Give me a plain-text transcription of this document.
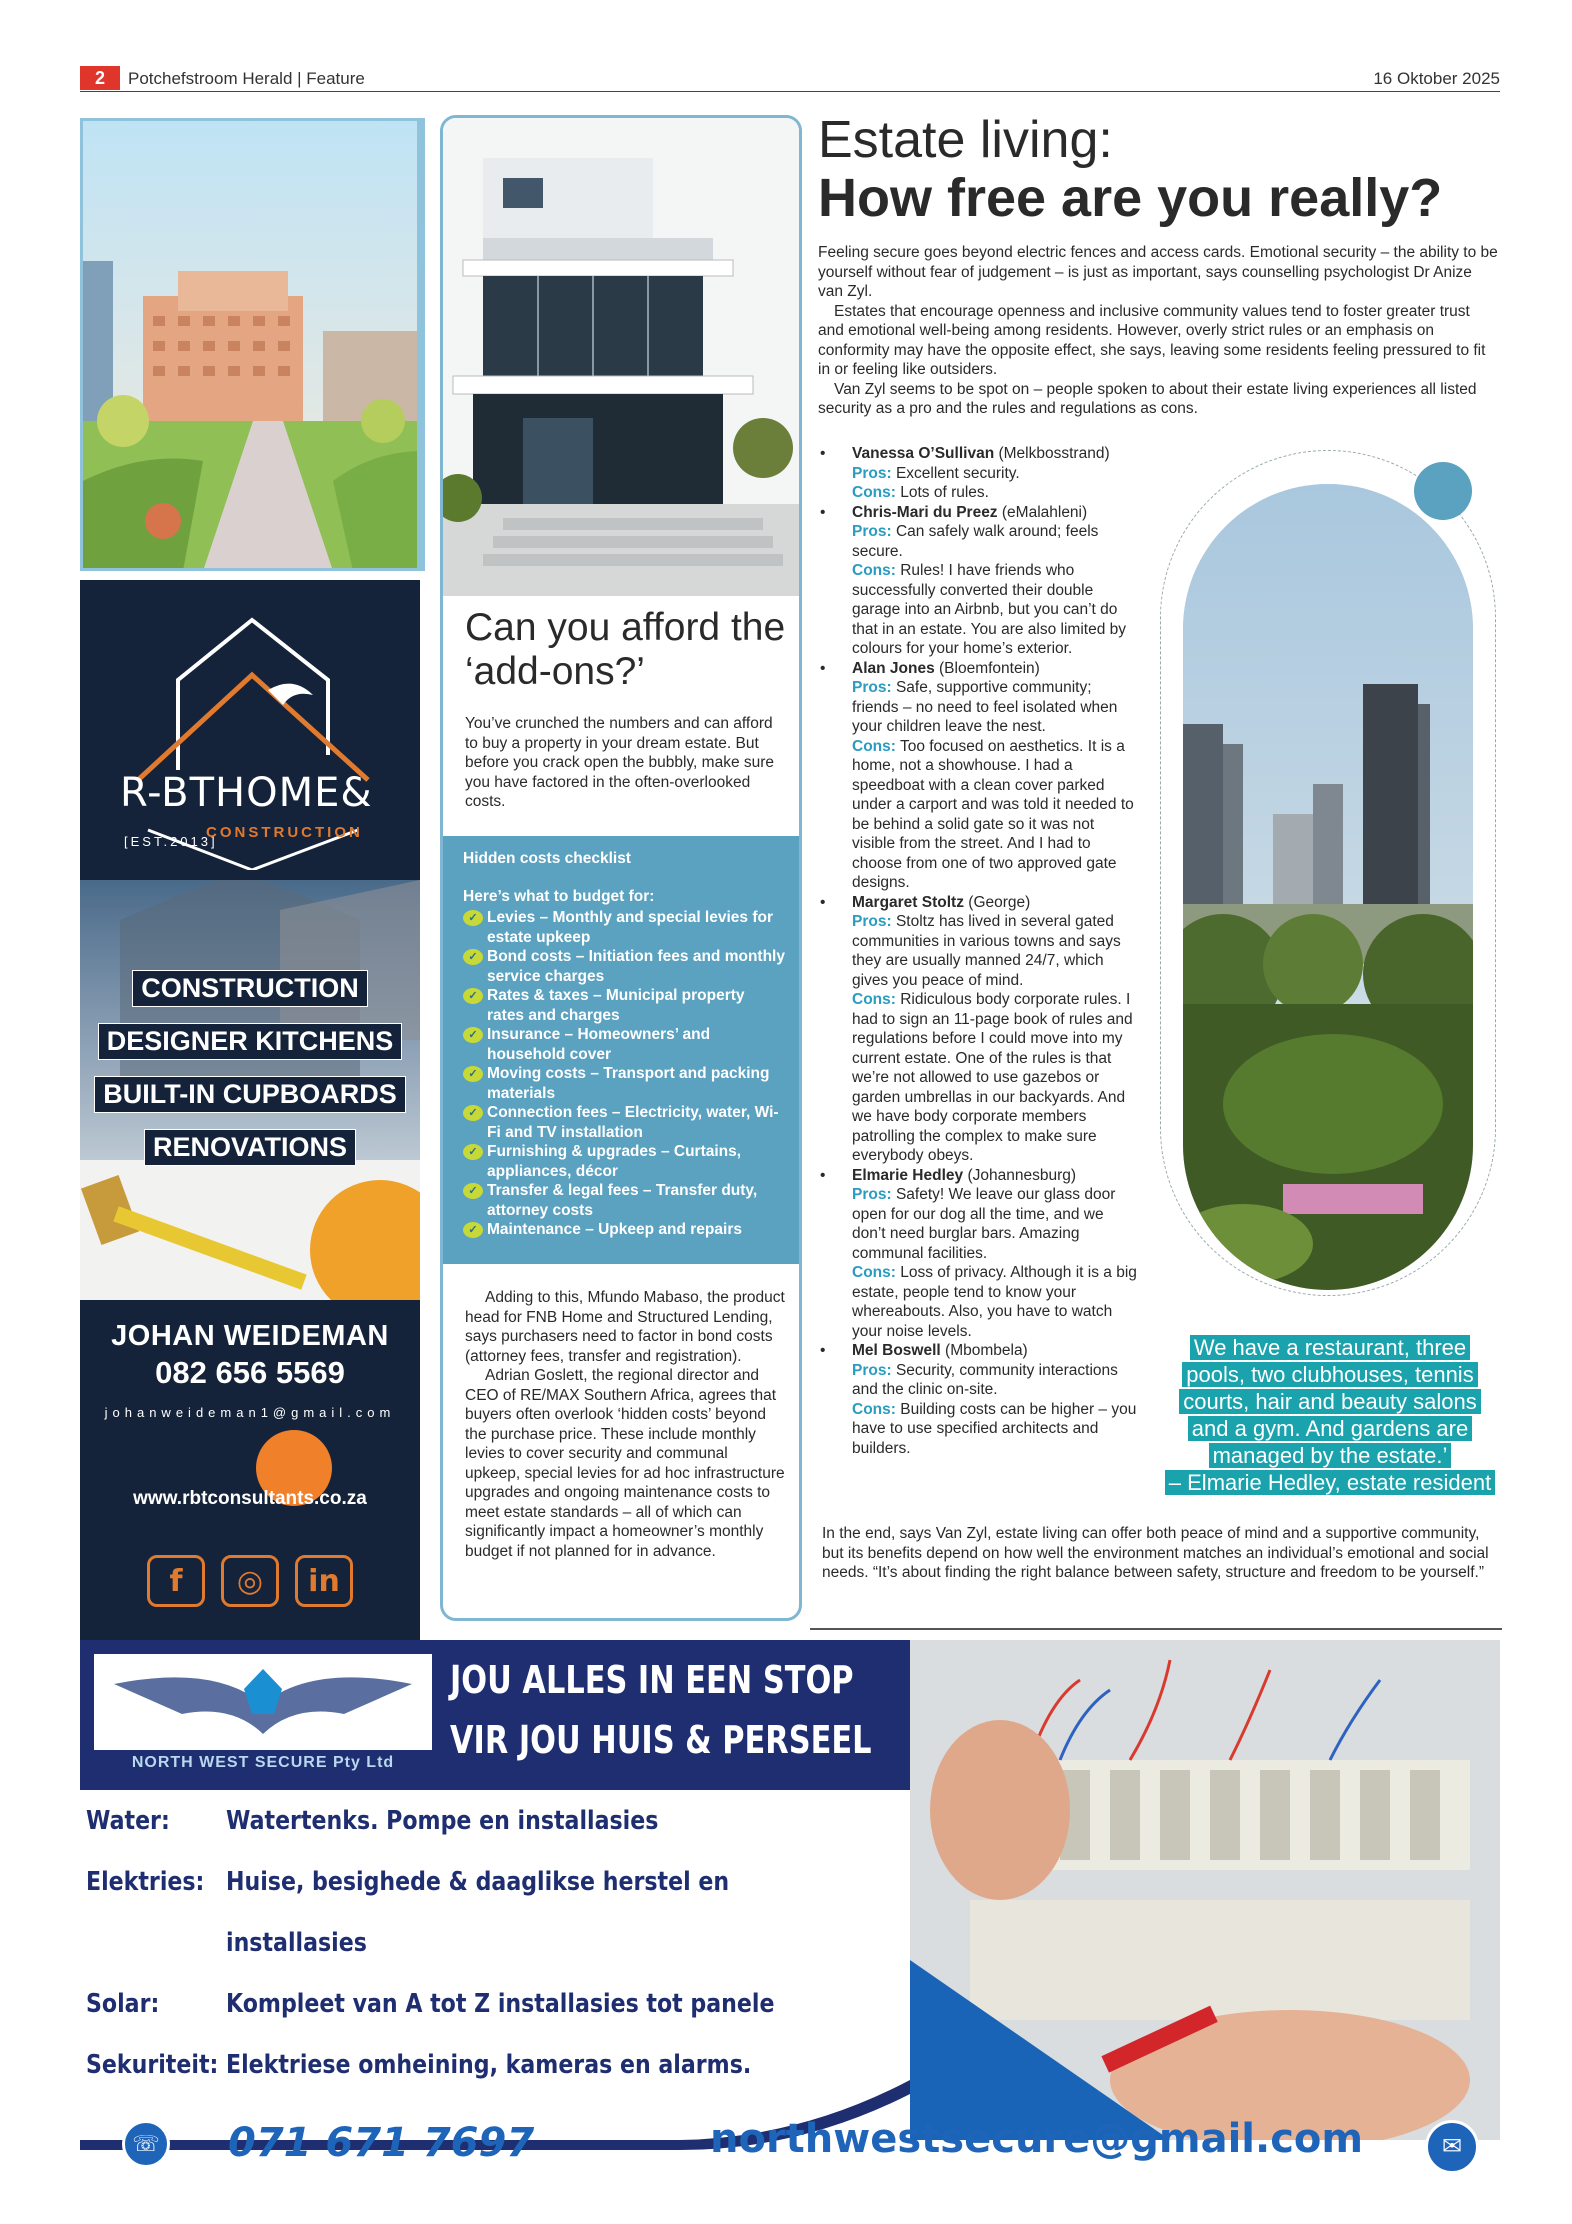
2	Potchefstroom Herald | Feature	16 Oktober 2025
R-BTHOME&
[EST.2013]
CONSTRUCTION
CONSTRUCTION
DESIGNER KITCHENS
BUILT-IN CUPBOARDS
RENOVATIONS
JOHAN WEIDEMAN
082 656 5569
johanweideman1@gmail.com
www.rbtconsultants.co.za
f	◎	in
Can you afford the ‘add-ons?’
You’ve crunched the numbers and can afford to buy a property in your dream estate. But before you crack open the bubbly, make sure you have factored in the often-overlooked costs.
Hidden costs checklist
Here’s what to budget for:
✓ Levies – Monthly and special levies for estate upkeep
✓ Bond costs – Initiation fees and monthly service charges
✓ Rates & taxes – Municipal property rates and charges
✓ Insurance – Homeowners’ and household cover
✓ Moving costs – Transport and packing materials
✓ Connection fees – Electricity, water, Wi-Fi and TV installation
✓ Furnishing & upgrades – Curtains, appliances, décor
✓ Transfer & legal fees – Transfer duty, attorney costs
✓ Maintenance – Upkeep and repairs

Adding to this, Mfundo Mabaso, the product head for FNB Home and Structured Lending, says purchasers need to factor in bond costs (attorney fees, transfer and registration).

Adrian Goslett, the regional director and CEO of RE/MAX Southern Africa, agrees that buyers often overlook ‘hidden costs’ beyond the purchase price. These include monthly levies to cover security and communal upkeep, special levies for ad hoc infrastructure upgrades and ongoing maintenance costs to meet estate standards – all of which can significantly impact a homeowner’s monthly budget if not planned for in advance.

Estate living:
How free are you really?

Feeling secure goes beyond electric fences and access cards. Emotional security – the ability to be yourself without fear of judgement – is just as important, says counselling psychologist Dr Anize van Zyl.

Estates that encourage openness and inclusive community values tend to foster greater trust and emotional well-being among residents. However, overly strict rules or an emphasis on conformity may have the opposite effect, she says, leaving some residents feeling pressured to fit in or feeling like outsiders.

Van Zyl seems to be spot on – people spoken to about their estate living experiences all listed security as a pro and the rules and regulations as cons.

• Vanessa O’Sullivan (Melkbosstrand)
Pros: Excellent security.
Cons: Lots of rules.
• Chris-Mari du Preez (eMalahleni)
Pros: Can safely walk around; feels secure.
Cons: Rules! I have friends who successfully converted their double garage into an Airbnb, but you can’t do that in an estate. You are also limited by colours for your home’s exterior.
• Alan Jones (Bloemfontein)
Pros: Safe, supportive community; friends – no need to feel isolated when your children leave the nest.
Cons: Too focused on aesthetics. It is a home, not a showhouse. I had a speedboat with a clean cover parked under a carport and was told it needed to be behind a solid gate so it was not visible from the street. And I had to choose from one of two approved gate designs.
• Margaret Stoltz (George)
Pros: Stoltz has lived in several gated communities in various towns and says they are usually manned 24/7, which gives you peace of mind.
Cons: Ridiculous body corporate rules. I had to sign an 11-page book of rules and regulations before I could move into my current estate. One of the rules is that we’re not allowed to use gazebos or garden umbrellas in our backyards. And we have body corporate members patrolling the complex to make sure everybody obeys.
• Elmarie Hedley (Johannesburg)
Pros: Safety! We leave our glass door open for our dog all the time, and we don’t need burglar bars. Amazing communal facilities.
Cons: Loss of privacy. Although it is a big estate, people tend to know your whereabouts. Also, you have to watch your noise levels.
• Mel Boswell (Mbombela)
Pros: Security, community interactions and the clinic on-site.
Cons: Building costs can be higher – you have to use specified architects and builders.
We have a restaurant, three
pools, two clubhouses, tennis
courts, hair and beauty salons
and a gym. And gardens are
managed by the estate.’
– Elmarie Hedley, estate resident
In the end, says Van Zyl, estate living can offer both peace of mind and a supportive community, but its benefits depend on how well the environment matches an individual’s emotional and social needs. “It’s about finding the right balance between safety, structure and freedom to be yourself.”
NORTH WEST SECURE Pty Ltd
JOU ALLES IN EEN STOP
VIR JOU HUIS & PERSEEL
Water:	Watertenks. Pompe en installasies
Elektries: Huise, besighede & daaglikse herstel en
installasies
Solar:	Kompleet van A tot Z installasies tot panele
Sekuriteit: Elektriese omheining, kameras en alarms.
☏ 071 671 7697	northwestsecure@gmail.com	✉
